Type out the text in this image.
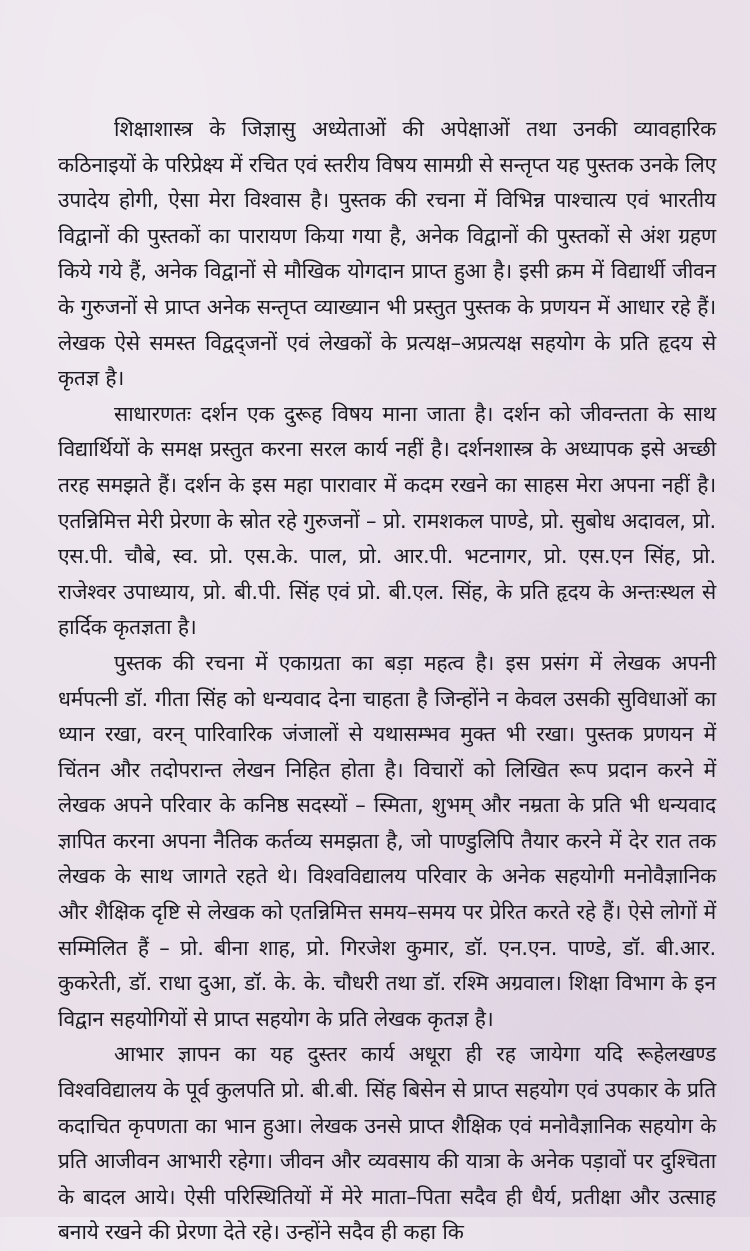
शिक्षाशास्त्र के जिज्ञासु अध्येताओं की अपेक्षाओं तथा उनकी व्यावहारिक कठिनाइयों के परिप्रेक्ष्य में रचित एवं स्तरीय विषय सामग्री से सन्तृप्त यह पुस्तक उनके लिए उपादेय होगी, ऐसा मेरा विश्वास है। पुस्तक की रचना में विभिन्न पाश्चात्य एवं भारतीय विद्वानों की पुस्तकों का पारायण किया गया है, अनेक विद्वानों की पुस्तकों से अंश ग्रहण किये गये हैं, अनेक विद्वानों से मौखिक योगदान प्राप्त हुआ है। इसी क्रम में विद्यार्थी जीवन के गुरुजनों से प्राप्त अनेक सन्तृप्त व्याख्यान भी प्रस्तुत पुस्तक के प्रणयन में आधार रहे हैं। लेखक ऐसे समस्त विद्वद्जनों एवं लेखकों के प्रत्यक्ष–अप्रत्यक्ष सहयोग के प्रति हृदय से कृतज्ञ है।

साधारणतः दर्शन एक दुरूह विषय माना जाता है। दर्शन को जीवन्तता के साथ विद्यार्थियों के समक्ष प्रस्तुत करना सरल कार्य नहीं है। दर्शनशास्त्र के अध्यापक इसे अच्छी तरह समझते हैं। दर्शन के इस महा पारावार में कदम रखने का साहस मेरा अपना नहीं है। एतन्निमित्त मेरी प्रेरणा के स्रोत रहे गुरुजनों – प्रो. रामशकल पाण्डे, प्रो. सुबोध अदावल, प्रो. एस.पी. चौबे, स्व. प्रो. एस.के. पाल, प्रो. आर.पी. भटनागर, प्रो. एस.एन सिंह, प्रो. राजेश्वर उपाध्याय, प्रो. बी.पी. सिंह एवं प्रो. बी.एल. सिंह, के प्रति हृदय के अन्तःस्थल से हार्दिक कृतज्ञता है।

पुस्तक की रचना में एकाग्रता का बड़ा महत्व है। इस प्रसंग में लेखक अपनी धर्मपत्नी डॉ. गीता सिंह को धन्यवाद देना चाहता है जिन्होंने न केवल उसकी सुविधाओं का ध्यान रखा, वरन् पारिवारिक जंजालों से यथासम्भव मुक्त भी रखा। पुस्तक प्रणयन में चिंतन और तदोपरान्त लेखन निहित होता है। विचारों को लिखित रूप प्रदान करने में लेखक अपने परिवार के कनिष्ठ सदस्यों – स्मिता, शुभम् और नम्रता के प्रति भी धन्यवाद ज्ञापित करना अपना नैतिक कर्तव्य समझता है, जो पाण्डुलिपि तैयार करने में देर रात तक लेखक के साथ जागते रहते थे। विश्वविद्यालय परिवार के अनेक सहयोगी मनोवैज्ञानिक और शैक्षिक दृष्टि से लेखक को एतन्निमित्त समय–समय पर प्रेरित करते रहे हैं। ऐसे लोगों में सम्मिलित हैं – प्रो. बीना शाह, प्रो. गिरजेश कुमार, डॉ. एन.एन. पाण्डे, डॉ. बी.आर. कुकरेती, डॉ. राधा दुआ, डॉ. के. के. चौधरी तथा डॉ. रश्मि अग्रवाल। शिक्षा विभाग के इन विद्वान सहयोगियों से प्राप्त सहयोग के प्रति लेखक कृतज्ञ है।

आभार ज्ञापन का यह दुस्तर कार्य अधूरा ही रह जायेगा यदि रूहेलखण्ड विश्वविद्यालय के पूर्व कुलपति प्रो. बी.बी. सिंह बिसेन से प्राप्त सहयोग एवं उपकार के प्रति कदाचित कृपणता का भान हुआ। लेखक उनसे प्राप्त शैक्षिक एवं मनोवैज्ञानिक सहयोग के प्रति आजीवन आभारी रहेगा। जीवन और व्यवसाय की यात्रा के अनेक पड़ावों पर दुश्चिता के बादल आये। ऐसी परिस्थितियों में मेरे माता–पिता सदैव ही धैर्य, प्रतीक्षा और उत्साह बनाये रखने की प्रेरणा देते रहे। उन्होंने सदैव ही कहा कि
